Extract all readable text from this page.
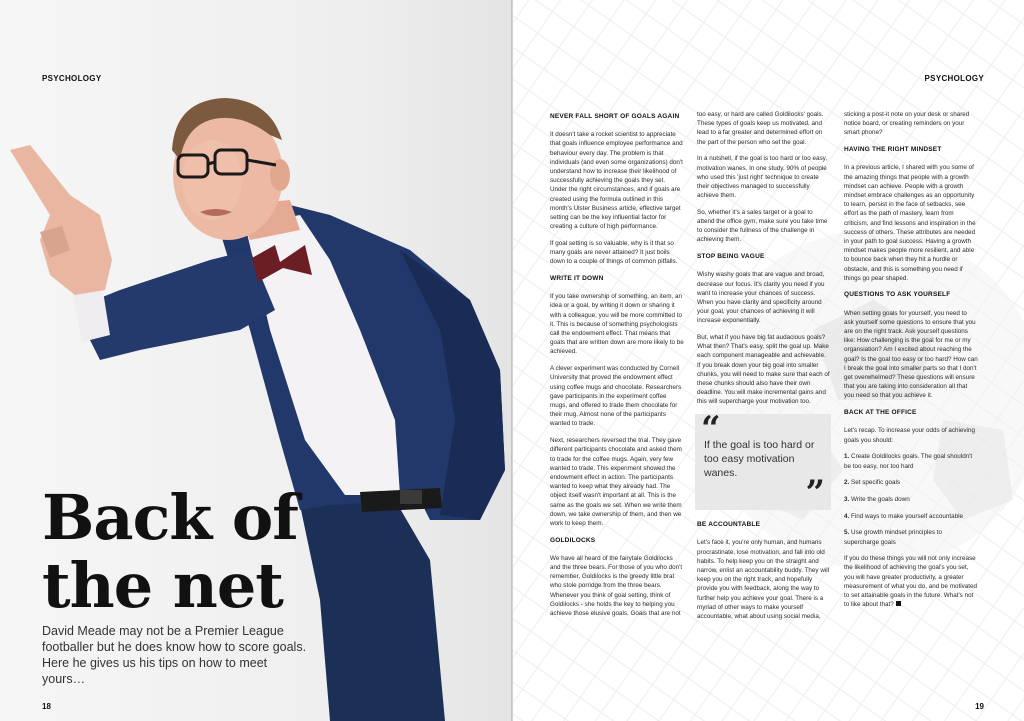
PSYCHOLOGY
Back of
the net

David Meade may not be a Premier League footballer but he does know how to score goals. Here he gives us his tips on how to meet yours…

18
PSYCHOLOGY
NEVER FALL SHORT OF GOALS AGAIN

It doesn't take a rocket scientist to appreciate that goals influence employee performance and behaviour every day. The problem is that individuals (and even some organizations) don't understand how to increase their likelihood of successfully achieving the goals they set. Under the right circumstances, and if goals are created using the formula outlined in this month's Ulster Business article, effective target setting can be the key influential factor for creating a culture of high performance.

If goal setting is so valuable, why is it that so many goals are never attained? It just boils down to a couple of things of common pitfalls.

WRITE IT DOWN

If you take ownership of something, an item, an idea or a goal, by writing it down or sharing it with a colleague, you will be more committed to it. This is because of something psychologists call the endowment effect. That means that goals that are written down are more likely to be achieved.

A clever experiment was conducted by Cornell University that proved the endowment effect using coffee mugs and chocolate. Researchers gave participants in the experiment coffee mugs, and offered to trade them chocolate for their mug. Almost none of the participants wanted to trade.

Next, researchers reversed the trial. They gave different participants chocolate and asked them to trade for the coffee mugs. Again, very few wanted to trade. This experiment showed the endowment effect in action. The participants wanted to keep what they already had. The object itself wasn't important at all. This is the same as the goals we set. When we write them down, we take ownership of them, and then we work to keep them.

GOLDILOCKS

We have all heard of the fairytale Goldilocks and the three bears. For those of you who don't remember, Goldilocks is the greedy little brat who stole porridge from the three bears. Whenever you think of goal setting, think of Goldilocks - she holds the key to helping you achieve those elusive goals. Goals that are not

too easy, or hard are called Goldilocks' goals. These types of goals keep us motivated, and lead to a far greater and determined effort on the part of the person who set the goal.

In a nutshell, if the goal is too hard or too easy, motivation wanes. In one study, 90% of people who used this 'just right' technique to create their objectives managed to successfully achieve them.

So, whether it's a sales target or a goal to attend the office gym, make sure you take time to consider the fullness of the challenge in achieving them.

STOP BEING VAGUE

Wishy washy goals that are vague and broad, decrease our focus. It's clarity you need if you want to increase your chances of success. When you have clarity and specificity around your goal, your chances of achieving it will increase exponentially.

But, what if you have big fat audacious goals? What then? That's easy, split the goal up. Make each component manageable and achievable. If you break down your big goal into smaller chunks, you will need to make sure that each of these chunks should also have their own deadline. You will make incremental gains and this will supercharge your motivation too.

“
If the goal is too hard or too easy motivation wanes.	”
BE ACCOUNTABLE

Let's face it, you're only human, and humans procrastinate, lose motivation, and fall into old habits. To help keep you on the straight and narrow, enlist an accountability buddy. They will keep you on the right track, and hopefully provide you with feedback, along the way to further help you achieve your goal. There is a myriad of other ways to make yourself accountable, what about using social media,

sticking a post-it note on your desk or shared notice board, or creating reminders on your smart phone?

HAVING THE RIGHT MINDSET

In a previous article, I shared with you some of the amazing things that people with a growth mindset can achieve. People with a growth mindset embrace challenges as an opportunity to learn, persist in the face of setbacks, see effort as the path of mastery, learn from criticism, and find lessons and inspiration in the success of others. These attributes are needed in your path to goal success. Having a growth mindset makes people more resilient, and able to bounce back when they hit a hurdle or obstacle, and this is something you need if things go pear shaped.

QUESTIONS TO ASK YOURSELF

When setting goals for yourself, you need to ask yourself some questions to ensure that you are on the right track. Ask yourself questions like: How challenging is the goal for me or my organsiation? Am I excited about reaching the goal? Is the goal too easy or too hard? How can I break the goal into smaller parts so that I don't get overwhelmed? These questions will ensure that you are taking into consideration all that you need so that you achieve it.

BACK AT THE OFFICE

Let's recap. To increase your odds of achieving goals you should:

1. Create Goldilocks goals. The goal shouldn't be too easy, nor too hard

2. Set specific goals

3. Write the goals down

4. Find ways to make yourself accountable

5. Use growth mindset principles to supercharge goals

If you do these things you will not only increase the likelihood of achieving the goal's you set, you will have greater productivity, a greater measurement of what you do, and be motivated to set attainable goals in the future. What's not to like about that?

19
